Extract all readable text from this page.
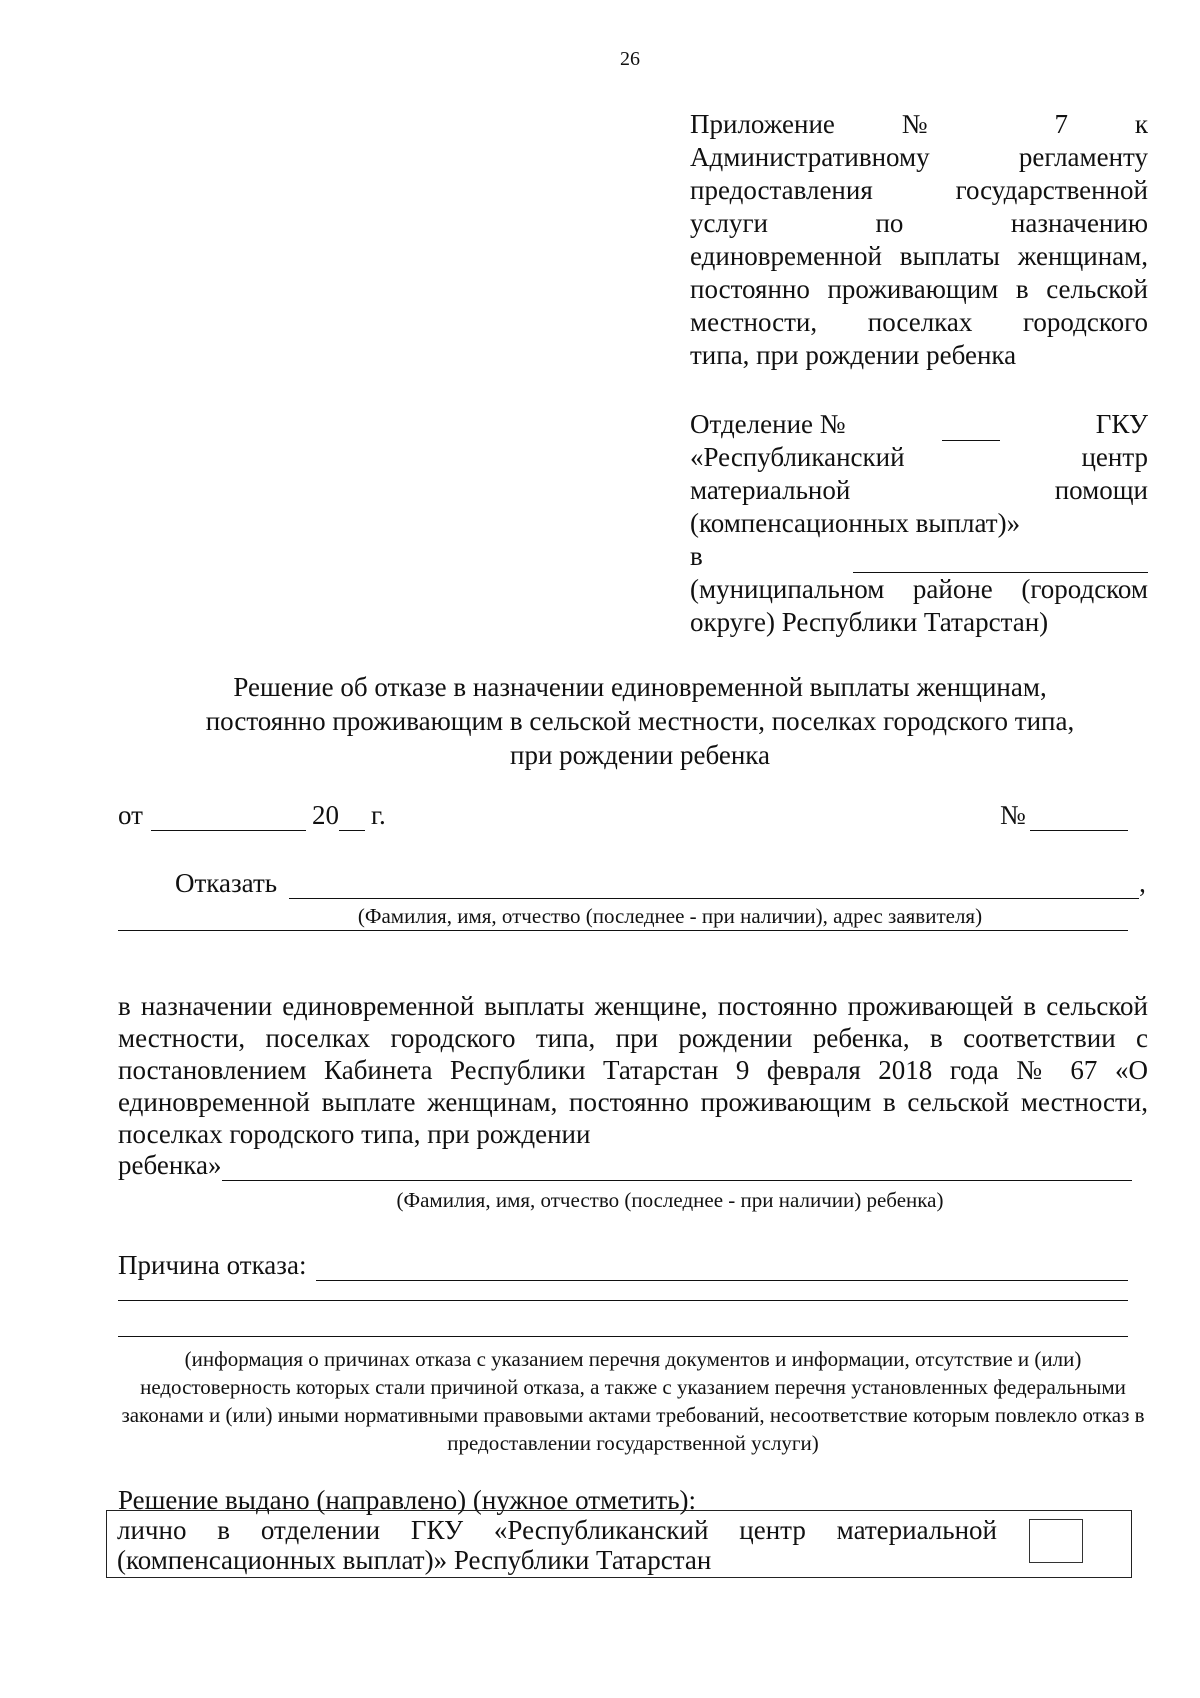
26
Приложение № 7 к
Административному регламенту
предоставления государственной
услуги по назначению
единовременной выплаты женщинам,
постоянно проживающим в сельской
местности, поселках городского
типа, при рождении ребенка
Отделение №	ГКУ
«Республиканский центр
материальной помощи
(компенсационных выплат)»
в
(муниципальном районе (городском
округе) Республики Татарстан)
Решение об отказе в назначении единовременной выплаты женщинам,
постоянно проживающим в сельской местности, поселках городского типа,
при рождении ребенка
от	20 г.	№
Отказать	,
(Фамилия, имя, отчество (последнее - при наличии), адрес заявителя)
в назначении единовременной выплаты женщине, постоянно проживающей в сельской местности, поселках городского типа, при рождении ребенка, в соответствии с постановлением Кабинета Республики Татарстан 9 февраля 2018 года № 67 «О единовременной выплате женщинам, постоянно проживающим в сельской местности, поселках городского типа, при рождении
ребенка»
(Фамилия, имя, отчество (последнее - при наличии) ребенка)
Причина отказа:
(информация о причинах отказа с указанием перечня документов и информации, отсутствие и (или) недостоверность которых стали причиной отказа, а также с указанием перечня установленных федеральными законами и (или) иными нормативными правовыми актами требований, несоответствие которым повлекло отказ в предоставлении государственной услуги)
Решение выдано (направлено) (нужное отметить):
лично в отделении ГКУ «Республиканский центр материальной (компенсационных выплат)» Республики Татарстан
